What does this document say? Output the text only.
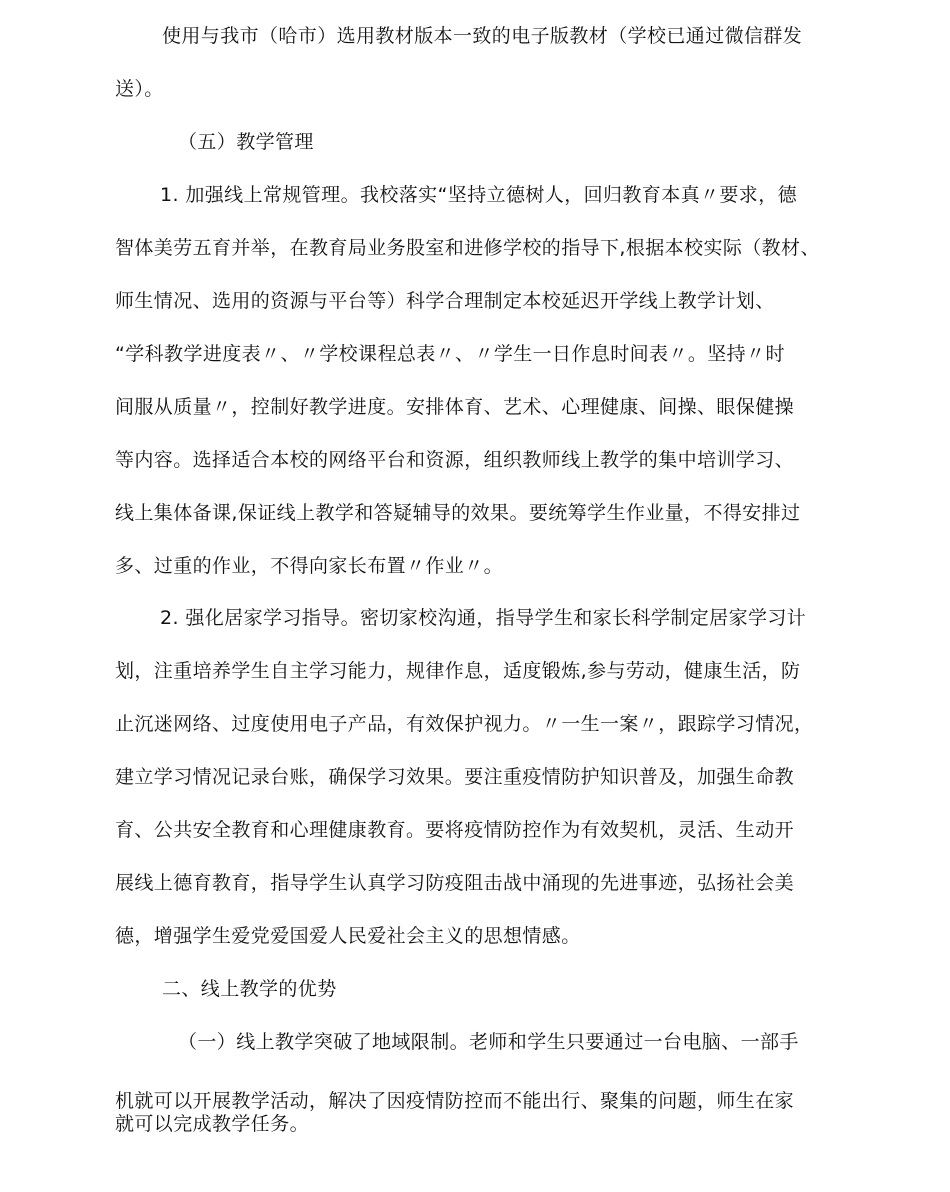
使用与我市（哈市）选用教材版本一致的电子版教材（学校已通过微信群发
送）。
（五）教学管理
1. 加强线上常规管理。我校落实“坚持立德树人，回归教育本真〃要求，德
智体美劳五育并举，在教育局业务股室和进修学校的指导下,根据本校实际（教材、
师生情况、选用的资源与平台等）科学合理制定本校延迟开学线上教学计划、
“学科教学进度表〃、〃学校课程总表〃、〃学生一日作息时间表〃。坚持〃时
间服从质量〃，控制好教学进度。安排体育、艺术、心理健康、间操、眼保健操
等内容。选择适合本校的网络平台和资源，组织教师线上教学的集中培训学习、
线上集体备课,保证线上教学和答疑辅导的效果。要统筹学生作业量，不得安排过
多、过重的作业，不得向家长布置〃作业〃。
2. 强化居家学习指导。密切家校沟通，指导学生和家长科学制定居家学习计
划，注重培养学生自主学习能力，规律作息，适度锻炼,参与劳动，健康生活，防
止沉迷网络、过度使用电子产品，有效保护视力。〃一生一案〃，跟踪学习情况，
建立学习情况记录台账，确保学习效果。要注重疫情防护知识普及，加强生命教
育、公共安全教育和心理健康教育。要将疫情防控作为有效契机，灵活、生动开
展线上德育教育，指导学生认真学习防疫阻击战中涌现的先进事迹，弘扬社会美
德，增强学生爱党爱国爱人民爱社会主义的思想情感。
二、线上教学的优势
（一）线上教学突破了地域限制。老师和学生只要通过一台电脑、一部手
机就可以开展教学活动，解决了因疫情防控而不能出行、聚集的问题，师生在家
就可以完成教学任务。
